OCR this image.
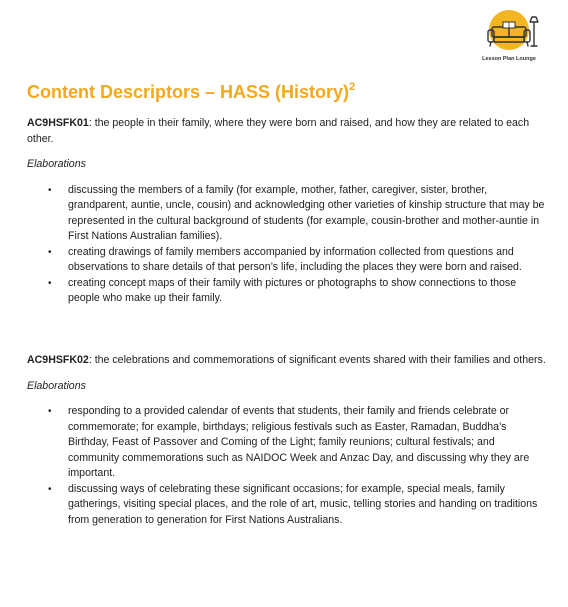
Lesson Plan Lounge
Content Descriptors – HASS (History)$^2$

AC9HSFK01: the people in their family, where they were born and raised, and how they are related to each other.

Elaborations

• discussing the members of a family (for example, mother, father, caregiver, sister, brother, grandparent, auntie, uncle, cousin) and acknowledging other varieties of kinship structure that may be represented in the cultural background of students (for example, cousin-brother and mother-auntie in First Nations Australian families).
• creating drawings of family members accompanied by information collected from questions and observations to share details of that person’s life, including the places they were born and raised.
• creating concept maps of their family with pictures or photographs to show connections to those people who make up their family.

AC9HSFK02: the celebrations and commemorations of significant events shared with their families and others.

Elaborations

• responding to a provided calendar of events that students, their family and friends celebrate or commemorate; for example, birthdays; religious festivals such as Easter, Ramadan, Buddha’s Birthday, Feast of Passover and Coming of the Light; family reunions; cultural festivals; and community commemorations such as NAIDOC Week and Anzac Day, and discussing why they are important.
• discussing ways of celebrating these significant occasions; for example, special meals, family gatherings, visiting special places, and the role of art, music, telling stories and handing on traditions from generation to generation for First Nations Australians.
